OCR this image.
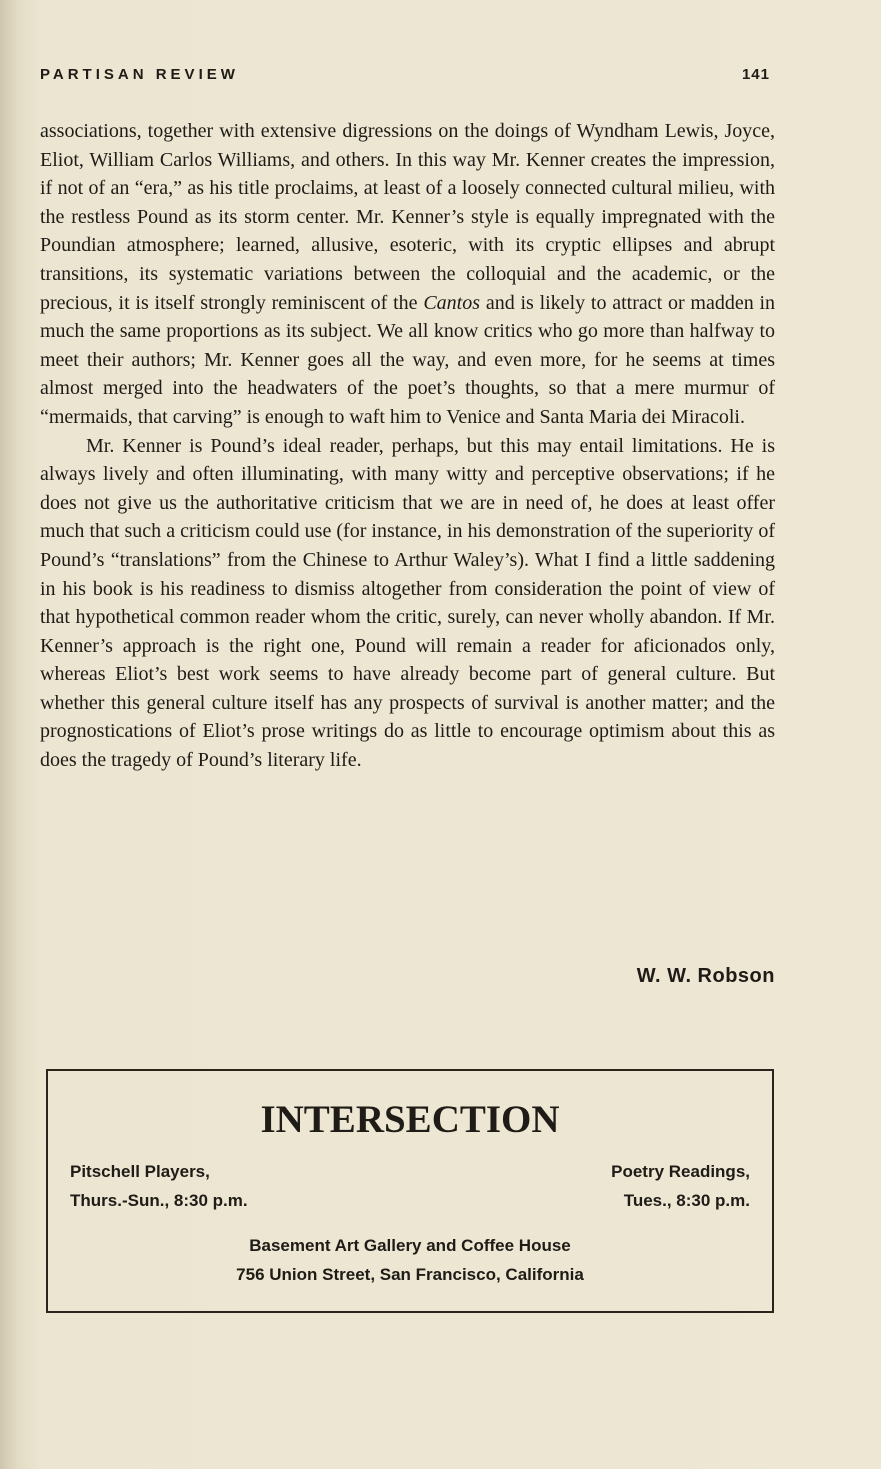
PARTISAN REVIEW	141

associations, together with extensive digressions on the doings of Wyndham Lewis, Joyce, Eliot, William Carlos Williams, and others. In this way Mr. Kenner creates the impression, if not of an “era,” as his title proclaims, at least of a loosely connected cultural milieu, with the restless Pound as its storm center. Mr. Kenner’s style is equally impregnated with the Poundian atmosphere; learned, allusive, esoteric, with its cryptic ellipses and abrupt transitions, its systematic variations between the colloquial and the academic, or the precious, it is itself strongly reminiscent of the Cantos and is likely to attract or madden in much the same proportions as its subject. We all know critics who go more than halfway to meet their authors; Mr. Kenner goes all the way, and even more, for he seems at times almost merged into the headwaters of the poet’s thoughts, so that a mere murmur of “mermaids, that carving” is enough to waft him to Venice and Santa Maria dei Miracoli.

Mr. Kenner is Pound’s ideal reader, perhaps, but this may entail limitations. He is always lively and often illuminating, with many witty and perceptive observations; if he does not give us the authoritative criticism that we are in need of, he does at least offer much that such a criticism could use (for instance, in his demonstration of the superiority of Pound’s “translations” from the Chinese to Arthur Waley’s). What I find a little saddening in his book is his readiness to dismiss altogether from consideration the point of view of that hypothetical common reader whom the critic, surely, can never wholly abandon. If Mr. Kenner’s approach is the right one, Pound will remain a reader for aficionados only, whereas Eliot’s best work seems to have already become part of general culture. But whether this general culture itself has any prospects of survival is another matter; and the prognostications of Eliot’s prose writings do as little to encourage optimism about this as does the tragedy of Pound’s literary life.

W. W. Robson
INTERSECTION
Pitschell Players,
Thurs.-Sun., 8:30 p.m.
Poetry Readings,
Tues., 8:30 p.m.
Basement Art Gallery and Coffee House
756 Union Street, San Francisco, California
